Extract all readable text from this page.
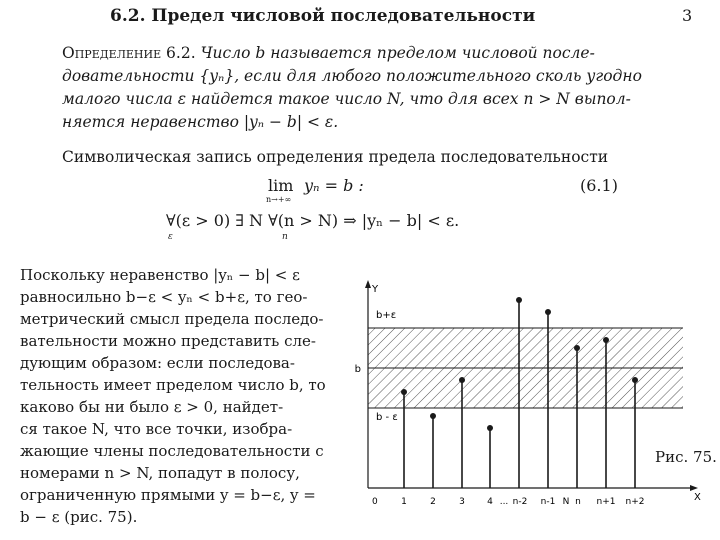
6.2. Предел числовой последовательности	3
Определение 6.2. Число b называется пределом числовой после-
довательности {yₙ}, если для любого положительного сколь угодно
малого числа ε найдется такое число N, что для всех n > N выпол-
няется неравенство |yₙ − b| < ε.
Символическая запись определения предела последовательности
lim
n→+∞
yₙ = b :	(6.1)
∀(ε > 0) ∃ N ∀(n > N) ⇒ |yₙ − b| < ε.
ε	n
Поскольку неравенство |yₙ − b| < ε
равносильно b−ε < yₙ < b+ε, то гео-
метрический смысл предела последо-
вательности можно представить сле-
дующим образом: если последова-
тельность имеет пределом число b, то
каково бы ни было ε > 0, найдет-
ся такое N, что все точки, изобра-
жающие члены последовательности с
номерами n > N, попадут в полосу,
ограниченную прямыми y = b−ε, y =
b − ε (рис. 75).
Y
X
0
b+ε
b
b - ε
1	2	3 4 ... n-2 n-1 N n n+1 n+2
Рис. 75.
